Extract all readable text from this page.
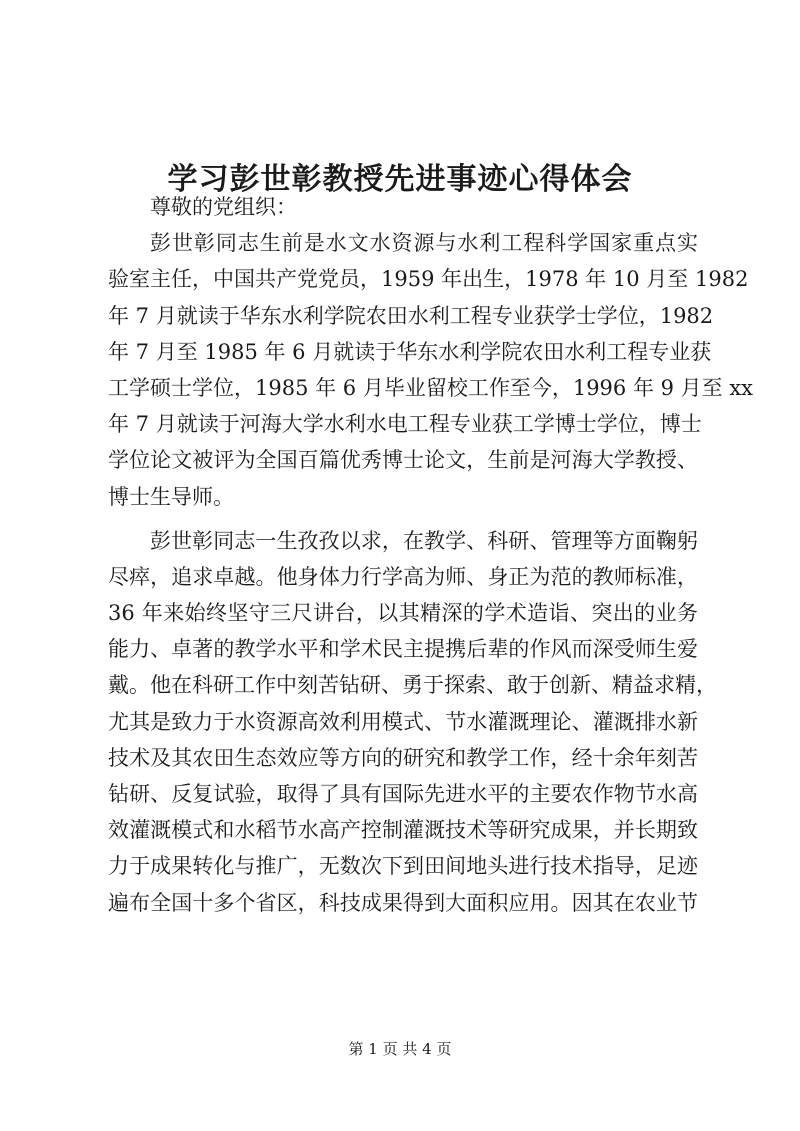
学习彭世彰教授先进事迹心得体会
尊敬的党组织：
彭世彰同志生前是水文水资源与水利工程科学国家重点实
验室主任，中国共产党党员，1959 年出生，1978 年 10 月至 1982
年 7 月就读于华东水利学院农田水利工程专业获学士学位，1982
年 7 月至 1985 年 6 月就读于华东水利学院农田水利工程专业获
工学硕士学位，1985 年 6 月毕业留校工作至今，1996 年 9 月至 xx
年 7 月就读于河海大学水利水电工程专业获工学博士学位，博士
学位论文被评为全国百篇优秀博士论文，生前是河海大学教授、
博士生导师。
彭世彰同志一生孜孜以求，在教学、科研、管理等方面鞠躬
尽瘁，追求卓越。他身体力行学高为师、身正为范的教师标准，
36 年来始终坚守三尺讲台，以其精深的学术造诣、突出的业务
能力、卓著的教学水平和学术民主提携后辈的作风而深受师生爱
戴。他在科研工作中刻苦钻研、勇于探索、敢于创新、精益求精，
尤其是致力于水资源高效利用模式、节水灌溉理论、灌溉排水新
技术及其农田生态效应等方向的研究和教学工作，经十余年刻苦
钻研、反复试验，取得了具有国际先进水平的主要农作物节水高
效灌溉模式和水稻节水高产控制灌溉技术等研究成果，并长期致
力于成果转化与推广，无数次下到田间地头进行技术指导，足迹
遍布全国十多个省区，科技成果得到大面积应用。因其在农业节
第 1 页 共 4 页
